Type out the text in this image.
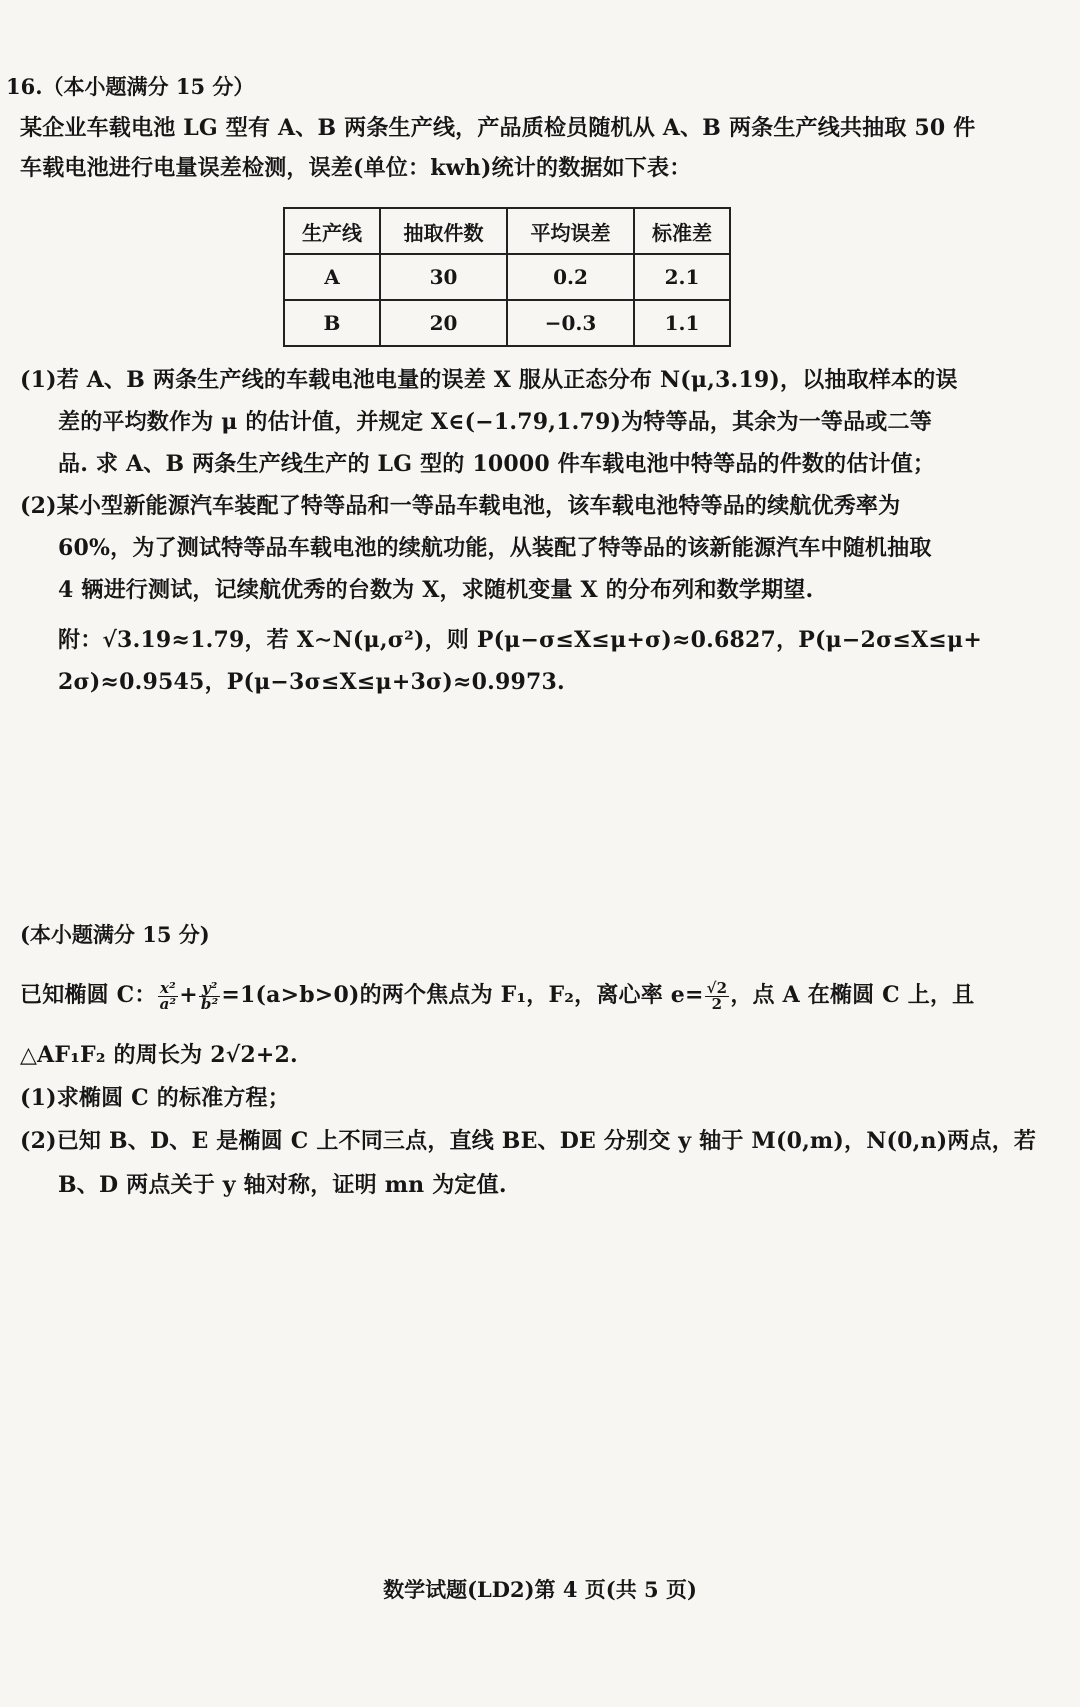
16.（本小题满分 15 分）
某企业车载电池 LG 型有 A、B 两条生产线，产品质检员随机从 A、B 两条生产线共抽取 50 件
车载电池进行电量误差检测，误差(单位：kwh)统计的数据如下表：
生产线	抽取件数	平均误差	标准差
A	30	0.2	2.1
B	20	−0.3	1.1
(1)若 A、B 两条生产线的车载电池电量的误差 X 服从正态分布 N(μ,3.19)，以抽取样本的误
差的平均数作为 μ 的估计值，并规定 X∈(−1.79,1.79)为特等品，其余为一等品或二等
品. 求 A、B 两条生产线生产的 LG 型的 10000 件车载电池中特等品的件数的估计值；
(2)某小型新能源汽车装配了特等品和一等品车载电池，该车载电池特等品的续航优秀率为
60%，为了测试特等品车载电池的续航功能，从装配了特等品的该新能源汽车中随机抽取
4 辆进行测试，记续航优秀的台数为 X，求随机变量 X 的分布列和数学期望.
附：√3.19≈1.79，若 X∼N(μ,σ²)，则 P(μ−σ≤X≤μ+σ)≈0.6827，P(μ−2σ≤X≤μ+
2σ)≈0.9545，P(μ−3σ≤X≤μ+3σ)≈0.9973.
(本小题满分 15 分)
已知椭圆 C： $\frac{\text{x²}}{\text{a²}} + \frac{\text{y²}}{\text{b²}} =1(a>b>0)$的两个焦点为 F₁，F₂，离心率 $e= \frac{√2}{2}$ ，点 A 在椭圆 C 上，且
△AF₁F₂ 的周长为 2√2+2.
(1)求椭圆 C 的标准方程；
(2)已知 B、D、E 是椭圆 C 上不同三点，直线 BE、DE 分别交 y 轴于 M(0,m)，N(0,n)两点，若
B、D 两点关于 y 轴对称，证明 mn 为定值.
数学试题(LD2)第 4 页(共 5 页)
